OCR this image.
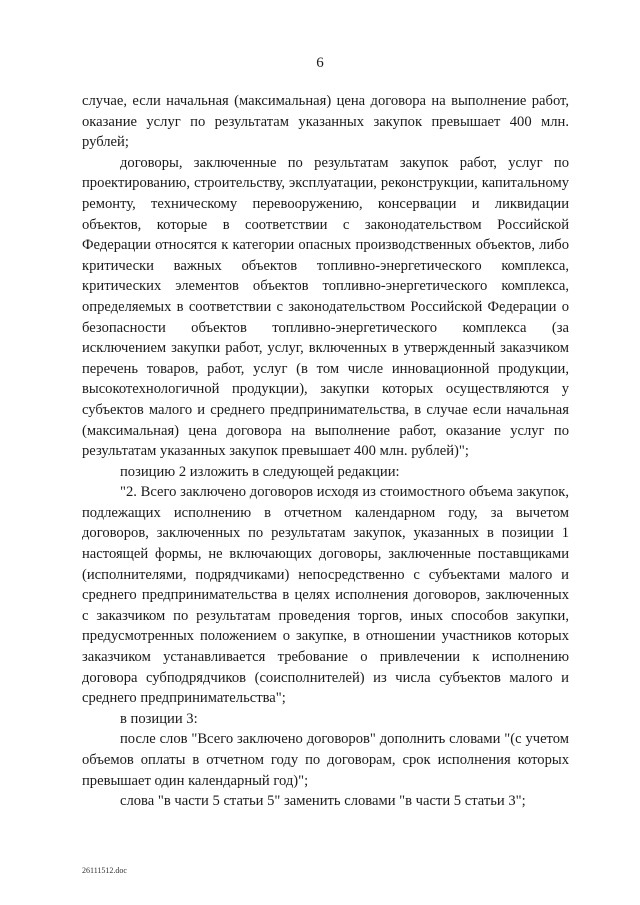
6

случае, если начальная (максимальная) цена договора на выполнение работ, оказание услуг по результатам указанных закупок превышает 400 млн. рублей;

договоры, заключенные по результатам закупок работ, услуг по проектированию, строительству, эксплуатации, реконструкции, капитальному ремонту, техническому перевооружению, консервации и ликвидации объектов, которые в соответствии с законодательством Российской Федерации относятся к категории опасных производственных объектов, либо критически важных объектов топливно-энергетического комплекса, критических элементов объектов топливно-энергетического комплекса, определяемых в соответствии с законодательством Российской Федерации о безопасности объектов топливно-энергетического комплекса (за исключением закупки работ, услуг, включенных в утвержденный заказчиком перечень товаров, работ, услуг (в том числе инновационной продукции, высокотехнологичной продукции), закупки которых осуществляются у субъектов малого и среднего предпринимательства, в случае если начальная (максимальная) цена договора на выполнение работ, оказание услуг по результатам указанных закупок превышает 400 млн. рублей)";

позицию 2 изложить в следующей редакции:

"2. Всего заключено договоров исходя из стоимостного объема закупок, подлежащих исполнению в отчетном календарном году, за вычетом договоров, заключенных по результатам закупок, указанных в позиции 1 настоящей формы, не включающих договоры, заключенные поставщиками (исполнителями, подрядчиками) непосредственно с субъектами малого и среднего предпринимательства в целях исполнения договоров, заключенных с заказчиком по результатам проведения торгов, иных способов закупки, предусмотренных положением о закупке, в отношении участников которых заказчиком устанавливается требование о привлечении к исполнению договора субподрядчиков (соисполнителей) из числа субъектов малого и среднего предпринимательства";

в позиции 3:

после слов "Всего заключено договоров" дополнить словами "(с учетом объемов оплаты в отчетном году по договорам, срок исполнения которых превышает один календарный год)";

слова "в части 5 статьи 5" заменить словами "в части 5 статьи 3";

26111512.doc
